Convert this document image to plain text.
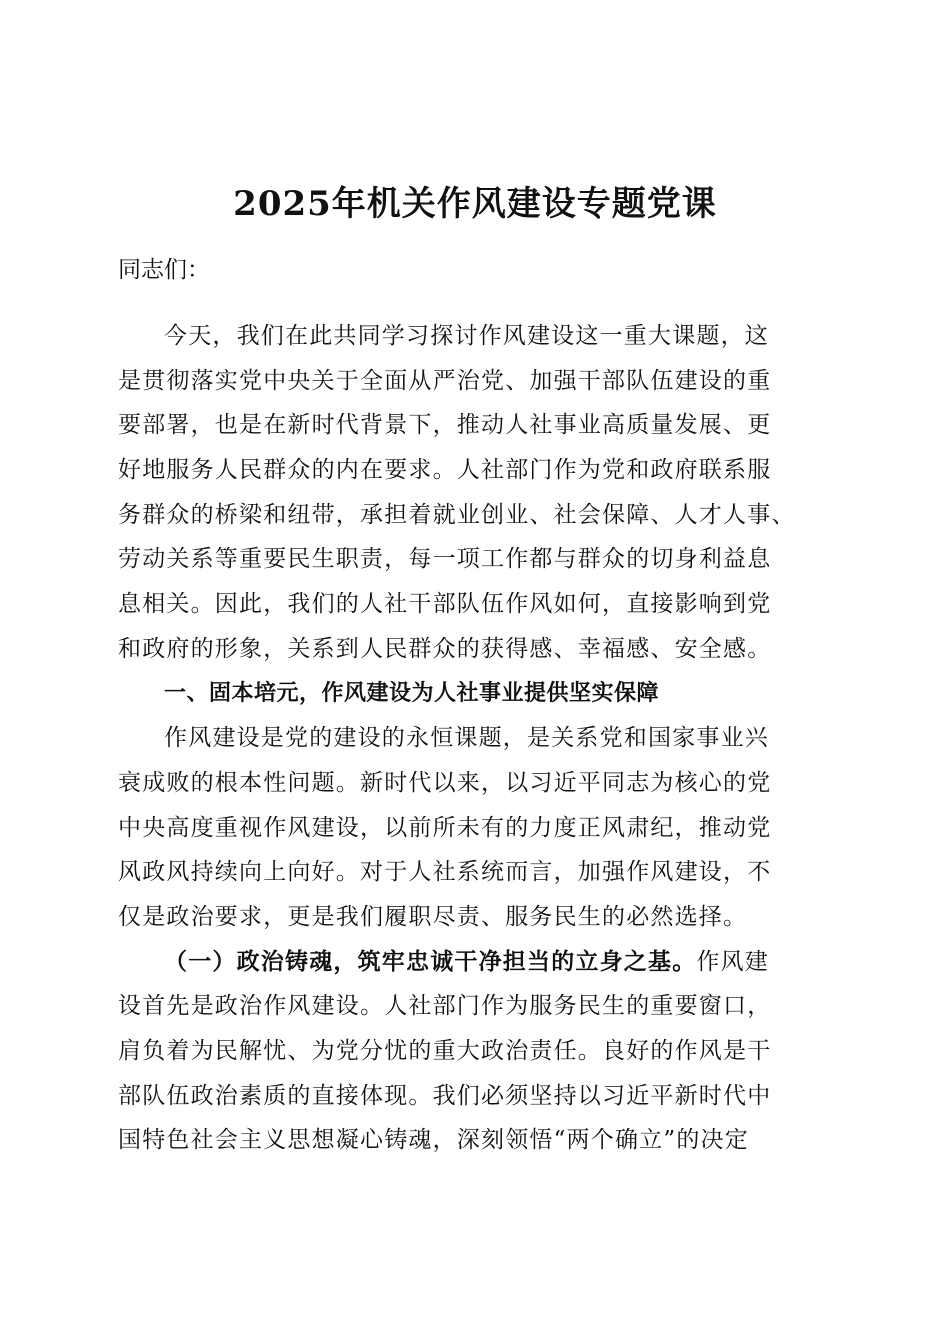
2025年机关作风建设专题党课
同志们：
今天，我们在此共同学习探讨作风建设这一重大课题，这
是贯彻落实党中央关于全面从严治党、加强干部队伍建设的重
要部署，也是在新时代背景下，推动人社事业高质量发展、更
好地服务人民群众的内在要求。人社部门作为党和政府联系服
务群众的桥梁和纽带，承担着就业创业、社会保障、人才人事、
劳动关系等重要民生职责，每一项工作都与群众的切身利益息
息相关。因此，我们的人社干部队伍作风如何，直接影响到党
和政府的形象，关系到人民群众的获得感、幸福感、安全感。
一、固本培元，作风建设为人社事业提供坚实保障
作风建设是党的建设的永恒课题，是关系党和国家事业兴
衰成败的根本性问题。新时代以来，以习近平同志为核心的党
中央高度重视作风建设，以前所未有的力度正风肃纪，推动党
风政风持续向上向好。对于人社系统而言，加强作风建设，不
仅是政治要求，更是我们履职尽责、服务民生的必然选择。
（一）政治铸魂，筑牢忠诚干净担当的立身之基。作风建
设首先是政治作风建设。人社部门作为服务民生的重要窗口，
肩负着为民解忧、为党分忧的重大政治责任。良好的作风是干
部队伍政治素质的直接体现。我们必须坚持以习近平新时代中
国特色社会主义思想凝心铸魂，深刻领悟“两个确立”的决定
